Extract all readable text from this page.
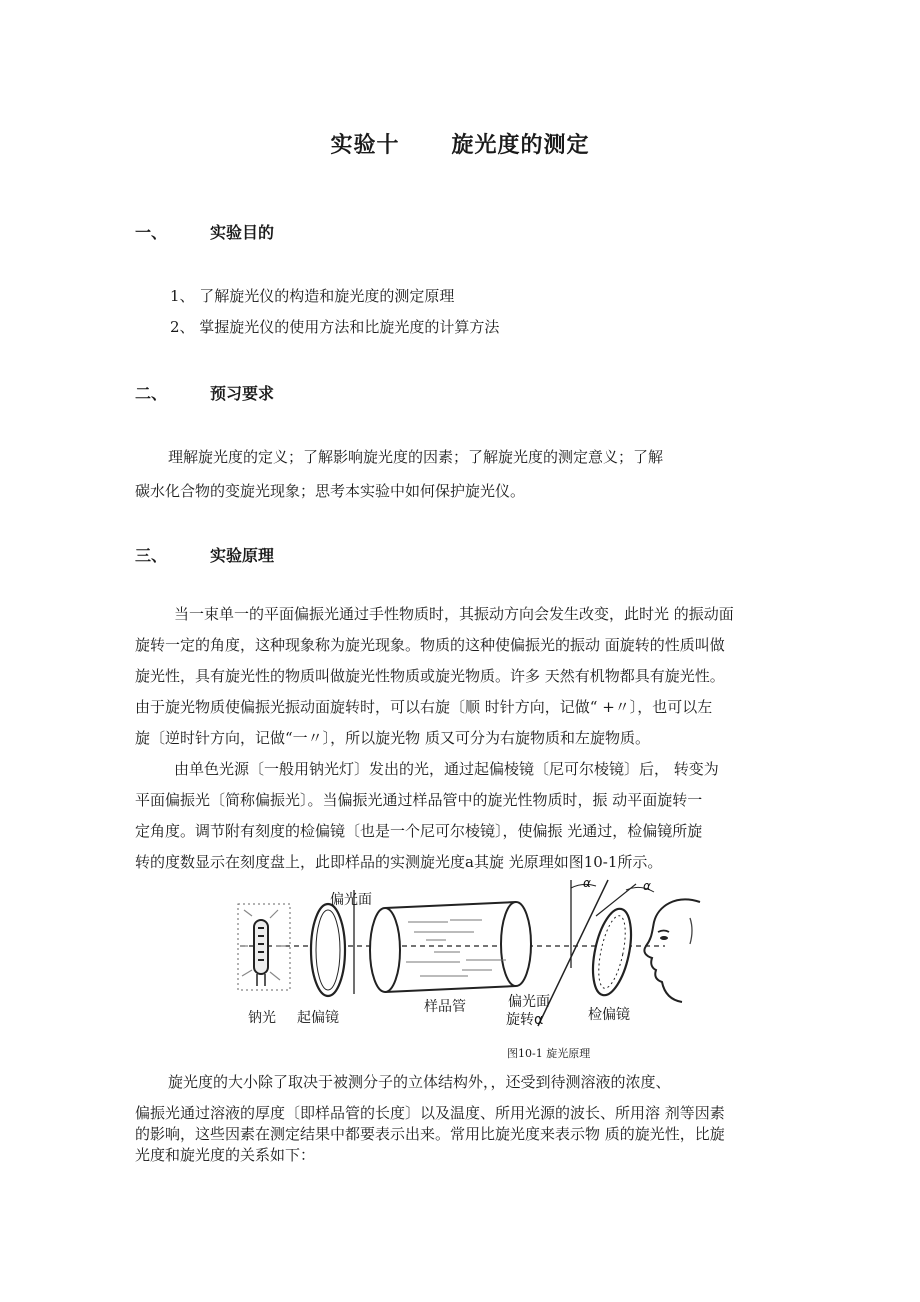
实验十 旋光度的测定
一、	实验目的
1、 了解旋光仪的构造和旋光度的测定原理
2、 掌握旋光仪的使用方法和比旋光度的计算方法
二、	预习要求
理解旋光度的定义；了解影响旋光度的因素；了解旋光度的测定意义；了解
碳水化合物的变旋光现象；思考本实验中如何保护旋光仪。
三、	实验原理
当一束单一的平面偏振光通过手性物质时，其振动方向会发生改变，此时光 的振动面
旋转一定的角度，这种现象称为旋光现象。物质的这种使偏振光的振动 面旋转的性质叫做
旋光性，具有旋光性的物质叫做旋光性物质或旋光物质。许多 天然有机物都具有旋光性。
由于旋光物质使偏振光振动面旋转时，可以右旋〔顺 时针方向，记做“ +〃〕，也可以左
旋〔逆时针方向，记做“一〃〕，所以旋光物 质又可分为右旋物质和左旋物质。
由单色光源〔一般用钠光灯〕发出的光，通过起偏棱镜〔尼可尔棱镜〕后， 转变为
平面偏振光〔简称偏振光〕。当偏振光通过样品管中的旋光性物质时，振 动平面旋转一
定角度。调节附有刻度的检偏镜〔也是一个尼可尔棱镜〕，使偏振 光通过，检偏镜所旋
转的度数显示在刻度盘上，此即样品的实测旋光度a其旋 光原理如图10-1所示。
偏光面
钠光 起偏镜
样品管	偏光面
旋转α	检偏镜
α	α
图10-1 旋光原理
旋光度的大小除了取决于被测分子的立体结构外，，还受到待测溶液的浓度、
偏振光通过溶液的厚度〔即样品管的长度〕以及温度、所用光源的波长、所用溶 剂等因素
的影响，这些因素在测定结果中都要表示出来。常用比旋光度来表示物 质的旋光性，比旋
光度和旋光度的关系如下：
